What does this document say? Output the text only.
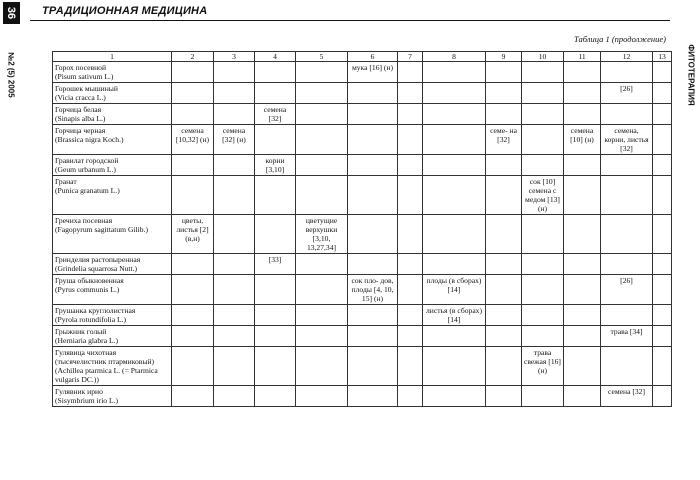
36
№2 (5) 2005
ТРАДИЦИОННАЯ МЕДИЦИНА
ФИТОТЕРАПИЯ
Таблица 1 (продолжение)
1	2	3	4	5	6	7	8	9	10	11	12	13

Горох посевной
(Pisum sativum L.)					мука [16] (н)							

Горошек мышиный
(Vicia cracca L.)											[26]	

Горчица белая
(Sinapis alba L.)			семена [32]									

Горчица черная
(Brassica nigra Koch.)	семена [10,32] (н)	семена [32] (н)						семе- на [32]		семена [10] (н)	семена, корни, листья [32]	

Гравилат городской
(Geum urbanum L.)			корни [3,10]									

Гранат
(Punica granatum L.)									сок [10] семена с медом [13] (н)			

Гречиха посевная
(Fagopyrum sagittatum Gilib.)	цветы, листья [2] (в,н)			цветущие верхушки [3,10, 13,27,34]								

Гринделия растопыренная
(Grindelia squarrosa Nutt.)			[33]									

Груша обыкновенная
(Pyrus communis L.)					сок пло- дов, плоды [4, 10, 15] (н)		плоды (в сборах) [14]				[26]	

Грушанка круглолистная
(Pyrola rotundifolia L.)							листья (в сборах) [14]					

Грыжник голый
(Herniaria glabra L.)											трава [34]	

Гулявица чихотная (тысячелистник птармиковый)
(Achillea ptarmica L. (= Ptarmica vulgaris DC.))									трава свежая [16] (н)			

Гулявник ирио
(Sisymbrium irio L.)											семена [32]	
